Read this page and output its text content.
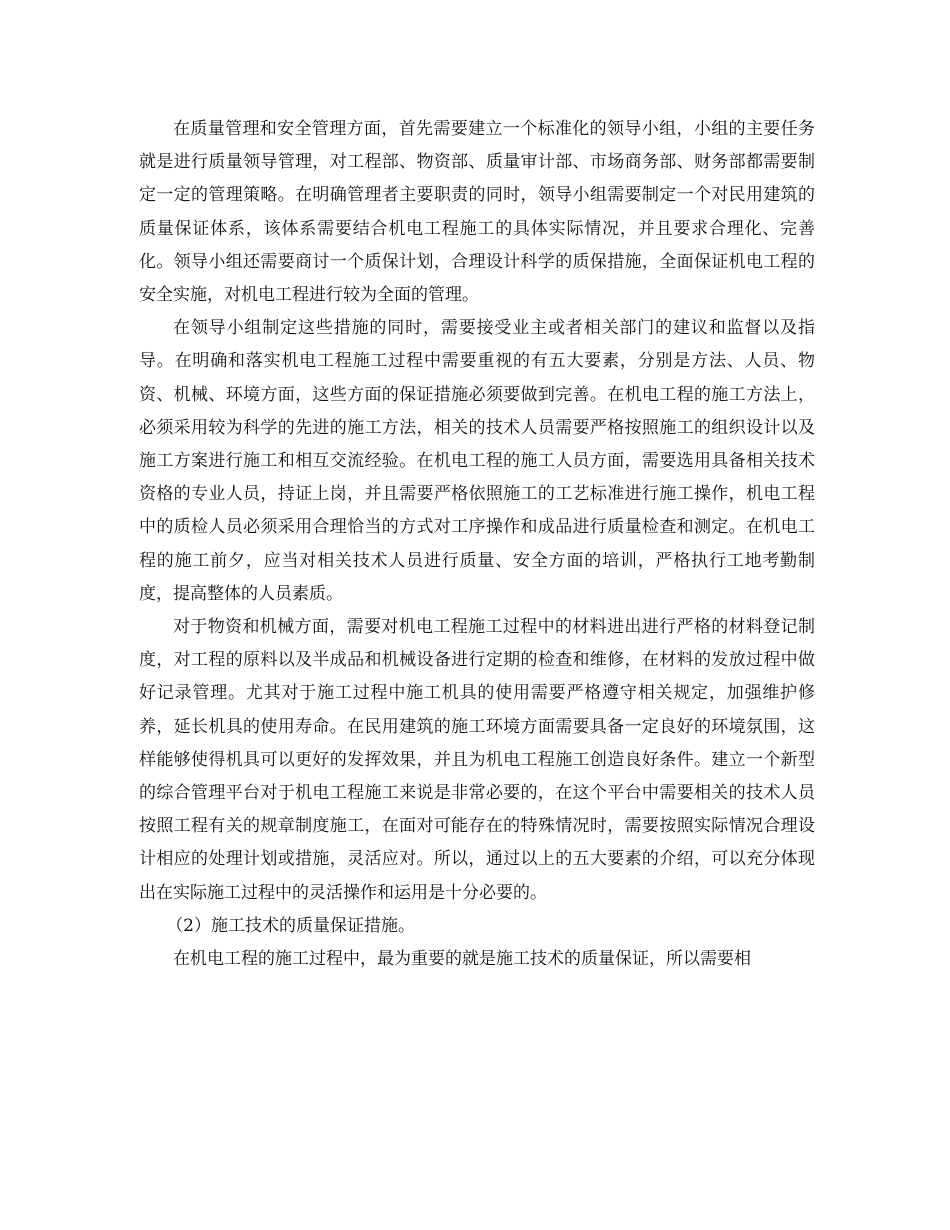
在质量管理和安全管理方面，首先需要建立一个标准化的领导小组，小组的主要任务就是进行质量领导管理，对工程部、物资部、质量审计部、市场商务部、财务部都需要制定一定的管理策略。在明确管理者主要职责的同时，领导小组需要制定一个对民用建筑的质量保证体系，该体系需要结合机电工程施工的具体实际情况，并且要求合理化、完善化。领导小组还需要商讨一个质保计划，合理设计科学的质保措施，全面保证机电工程的安全实施，对机电工程进行较为全面的管理。

在领导小组制定这些措施的同时，需要接受业主或者相关部门的建议和监督以及指导。在明确和落实机电工程施工过程中需要重视的有五大要素，分别是方法、人员、物资、机械、环境方面，这些方面的保证措施必须要做到完善。在机电工程的施工方法上，必须采用较为科学的先进的施工方法，相关的技术人员需要严格按照施工的组织设计以及施工方案进行施工和相互交流经验。在机电工程的施工人员方面，需要选用具备相关技术资格的专业人员，持证上岗，并且需要严格依照施工的工艺标准进行施工操作，机电工程中的质检人员必须采用合理恰当的方式对工序操作和成品进行质量检查和测定。在机电工程的施工前夕，应当对相关技术人员进行质量、安全方面的培训，严格执行工地考勤制度，提高整体的人员素质。

对于物资和机械方面，需要对机电工程施工过程中的材料进出进行严格的材料登记制度，对工程的原料以及半成品和机械设备进行定期的检查和维修，在材料的发放过程中做好记录管理。尤其对于施工过程中施工机具的使用需要严格遵守相关规定，加强维护修养，延长机具的使用寿命。在民用建筑的施工环境方面需要具备一定良好的环境氛围，这样能够使得机具可以更好的发挥效果，并且为机电工程施工创造良好条件。建立一个新型的综合管理平台对于机电工程施工来说是非常必要的，在这个平台中需要相关的技术人员按照工程有关的规章制度施工，在面对可能存在的特殊情况时，需要按照实际情况合理设计相应的处理计划或措施，灵活应对。所以，通过以上的五大要素的介绍，可以充分体现出在实际施工过程中的灵活操作和运用是十分必要的。

（2）施工技术的质量保证措施。

在机电工程的施工过程中，最为重要的就是施工技术的质量保证，所以需要相
